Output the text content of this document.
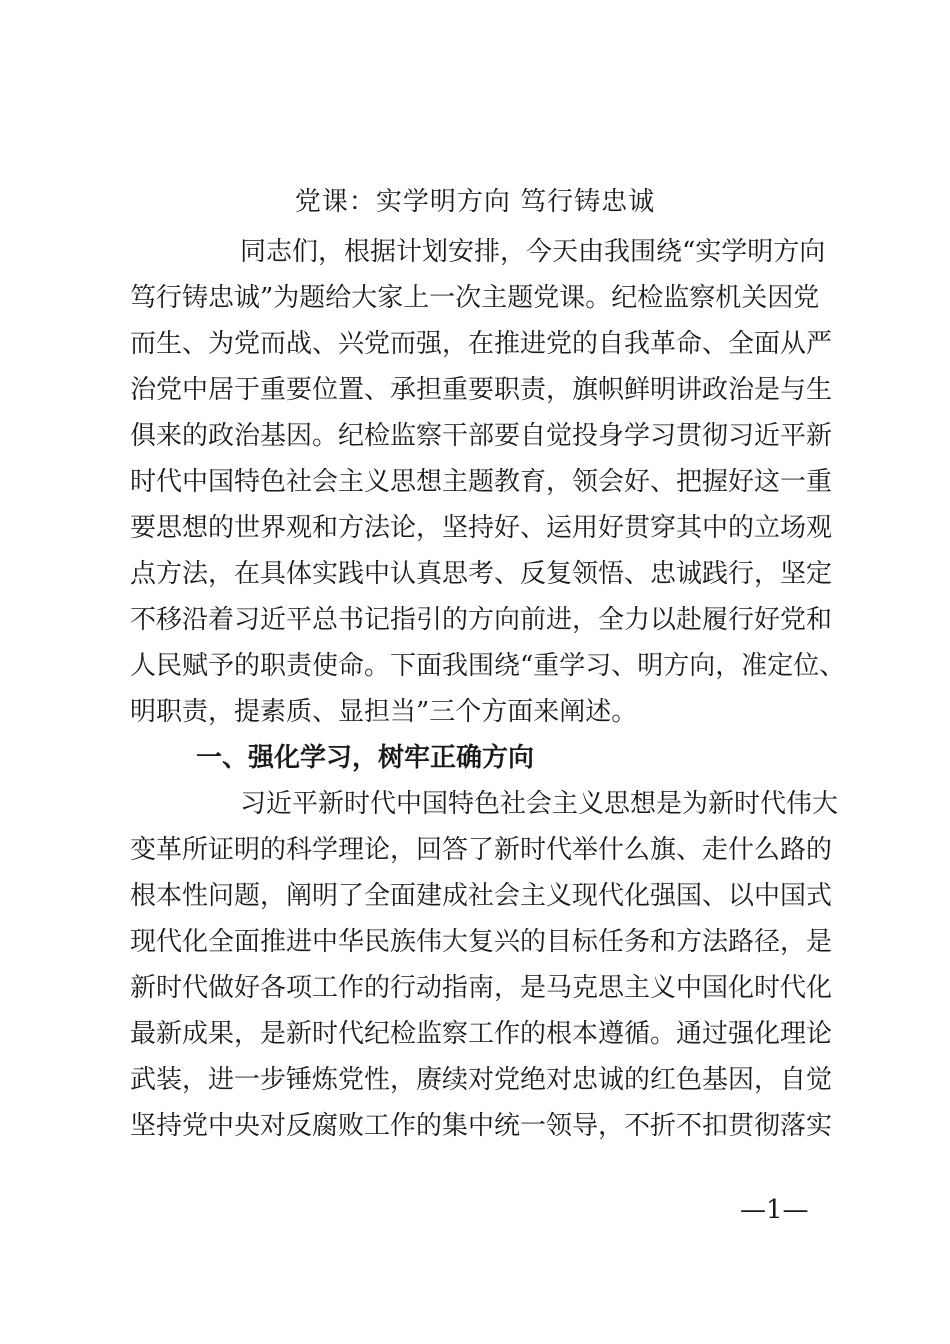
党课：实学明方向 笃行铸忠诚
同志们，根据计划安排，今天由我围绕“实学明方向
笃行铸忠诚”为题给大家上一次主题党课。纪检监察机关因党
而生、为党而战、兴党而强，在推进党的自我革命、全面从严
治党中居于重要位置、承担重要职责，旗帜鲜明讲政治是与生
俱来的政治基因。纪检监察干部要自觉投身学习贯彻习近平新
时代中国特色社会主义思想主题教育，领会好、把握好这一重
要思想的世界观和方法论，坚持好、运用好贯穿其中的立场观
点方法，在具体实践中认真思考、反复领悟、忠诚践行，坚定
不移沿着习近平总书记指引的方向前进，全力以赴履行好党和
人民赋予的职责使命。下面我围绕“重学习、明方向，准定位、
明职责，提素质、显担当”三个方面来阐述。
一、强化学习，树牢正确方向
习近平新时代中国特色社会主义思想是为新时代伟大
变革所证明的科学理论，回答了新时代举什么旗、走什么路的
根本性问题，阐明了全面建成社会主义现代化强国、以中国式
现代化全面推进中华民族伟大复兴的目标任务和方法路径，是
新时代做好各项工作的行动指南，是马克思主义中国化时代化
最新成果，是新时代纪检监察工作的根本遵循。通过强化理论
武装，进一步锤炼党性，赓续对党绝对忠诚的红色基因，自觉
坚持党中央对反腐败工作的集中统一领导，不折不扣贯彻落实
—1—
